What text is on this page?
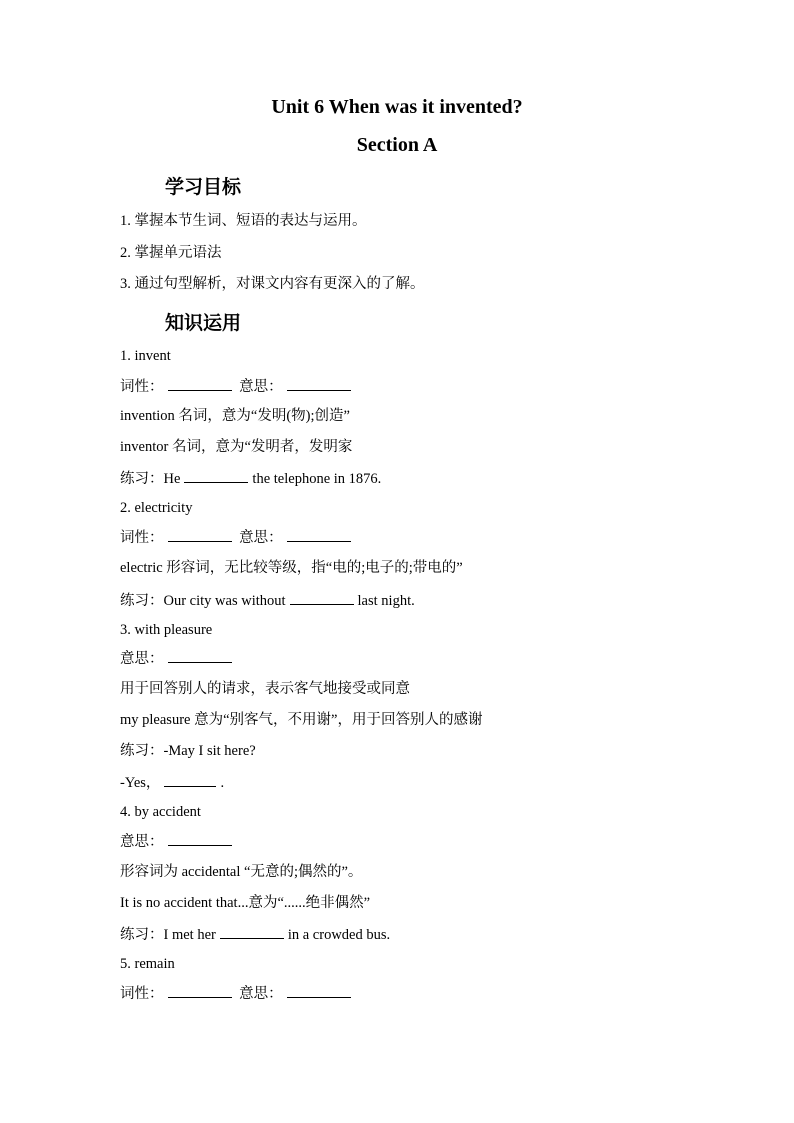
Unit 6 When was it invented?
Section A
学习目标
1. 掌握本节生词、短语的表达与运用。
2. 掌握单元语法
3. 通过句型解析，对课文内容有更深入的了解。
知识运用
1. invent
词性：	意思：
invention 名词，意为“发明(物);创造”
inventor 名词，意为“发明者，发明家
练习：He	the telephone in 1876.
2. electricity
词性：	意思：
electric 形容词，无比较等级，指“电的;电子的;带电的”
练习：Our city was without	last night.
3. with pleasure
意思：
用于回答别人的请求，表示客气地接受或同意
my pleasure 意为“别客气，不用谢”，用于回答别人的感谢
练习：-May I sit here?
-Yes，	.
4. by accident
意思：
形容词为 accidental “无意的;偶然的”。
It is no accident that...意为“......绝非偶然”
练习：I met her	in a crowded bus.
5. remain
词性：	意思：
